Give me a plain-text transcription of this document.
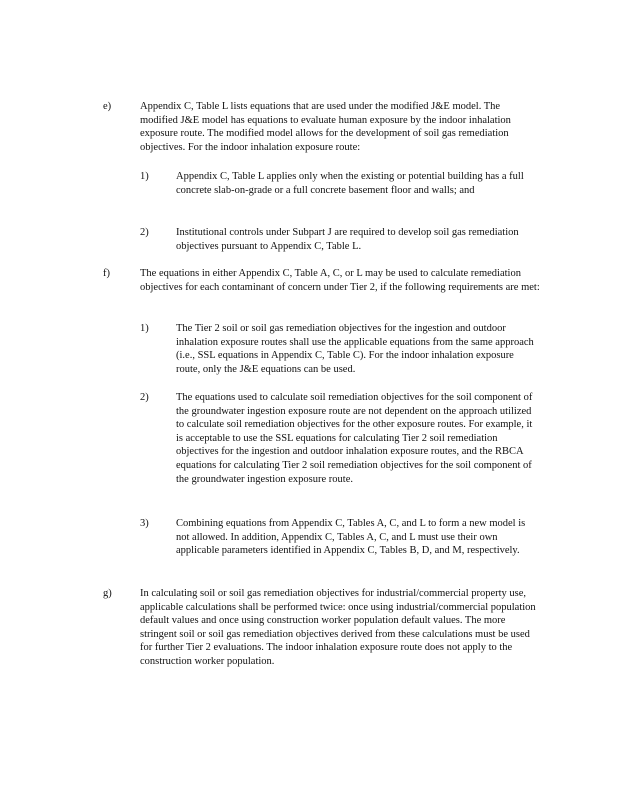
e)	Appendix C, Table L lists equations that are used under the modified J&E model. The modified J&E model has equations to evaluate human exposure by the indoor inhalation exposure route. The modified model allows for the development of soil gas remediation objectives. For the indoor inhalation exposure route:

1)	Appendix C, Table L applies only when the existing or potential building has a full concrete slab-on-grade or a full concrete basement floor and walls; and

2)	Institutional controls under Subpart J are required to develop soil gas remediation objectives pursuant to Appendix C, Table L.

f)	The equations in either Appendix C, Table A, C, or L may be used to calculate remediation objectives for each contaminant of concern under Tier 2, if the following requirements are met:

1)	The Tier 2 soil or soil gas remediation objectives for the ingestion and outdoor inhalation exposure routes shall use the applicable equations from the same approach (i.e., SSL equations in Appendix C, Table C). For the indoor inhalation exposure route, only the J&E equations can be used.

2)	The equations used to calculate soil remediation objectives for the soil component of the groundwater ingestion exposure route are not dependent on the approach utilized to calculate soil remediation objectives for the other exposure routes. For example, it is acceptable to use the SSL equations for calculating Tier 2 soil remediation objectives for the ingestion and outdoor inhalation exposure routes, and the RBCA equations for calculating Tier 2 soil remediation objectives for the soil component of the groundwater ingestion exposure route.

3)	Combining equations from Appendix C, Tables A, C, and L to form a new model is not allowed. In addition, Appendix C, Tables A, C, and L must use their own applicable parameters identified in Appendix C, Tables B, D, and M, respectively.

g)	In calculating soil or soil gas remediation objectives for industrial/commercial property use, applicable calculations shall be performed twice: once using industrial/commercial population default values and once using construction worker population default values. The more stringent soil or soil gas remediation objectives derived from these calculations must be used for further Tier 2 evaluations. The indoor inhalation exposure route does not apply to the construction worker population.
